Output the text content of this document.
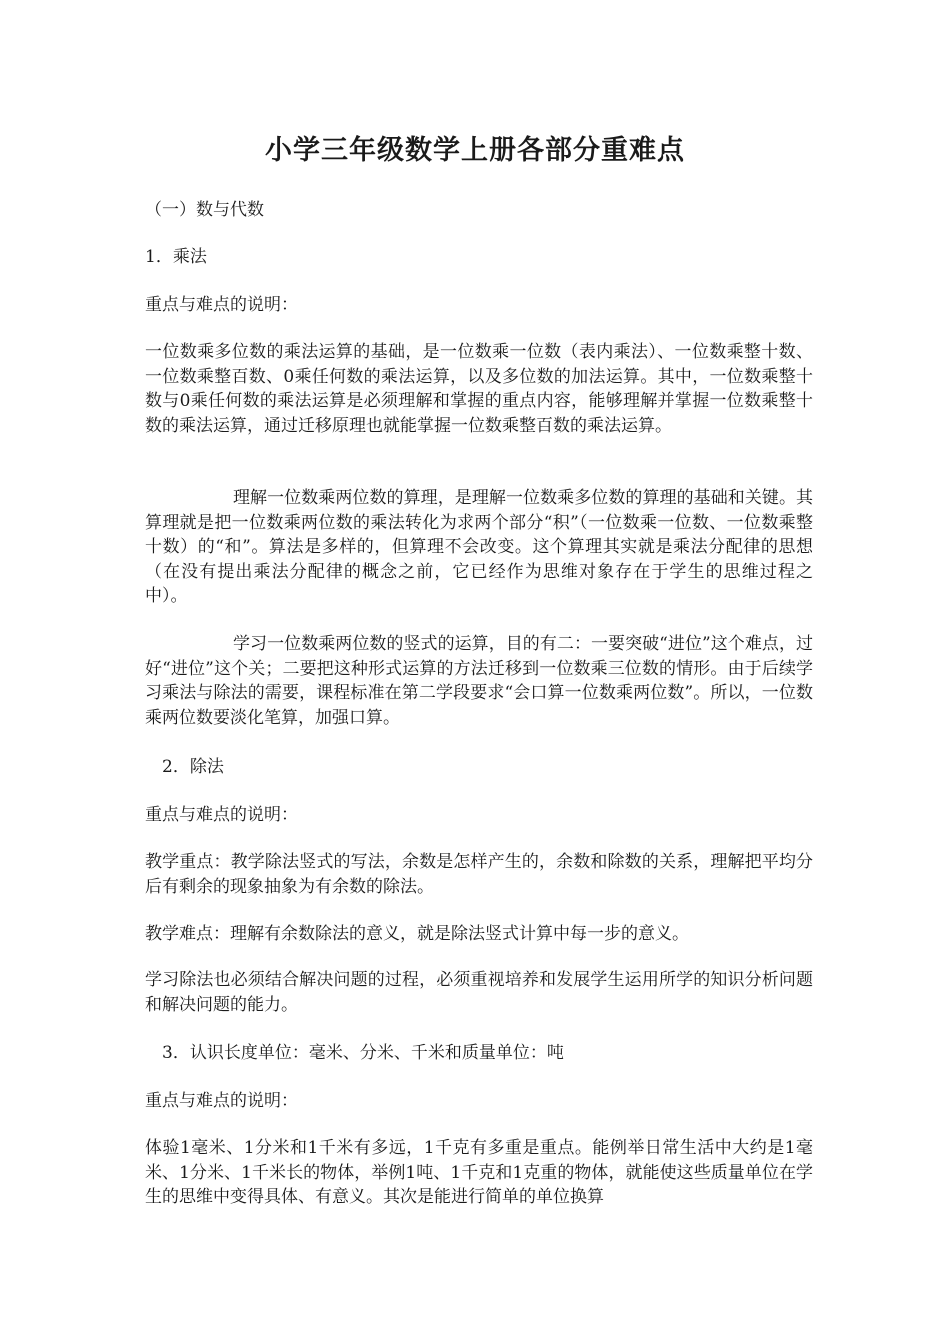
小学三年级数学上册各部分重难点
（一）数与代数
1．乘法
重点与难点的说明：
一位数乘多位数的乘法运算的基础，是一位数乘一位数（表内乘法）、一位数乘整十数、一位数乘整百数、0乘任何数的乘法运算，以及多位数的加法运算。其中，一位数乘整十数与0乘任何数的乘法运算是必须理解和掌握的重点内容，能够理解并掌握一位数乘整十数的乘法运算，通过迁移原理也就能掌握一位数乘整百数的乘法运算。
理解一位数乘两位数的算理，是理解一位数乘多位数的算理的基础和关键。其算理就是把一位数乘两位数的乘法转化为求两个部分“积”（一位数乘一位数、一位数乘整十数）的“和”。算法是多样的，但算理不会改变。这个算理其实就是乘法分配律的思想（在没有提出乘法分配律的概念之前，它已经作为思维对象存在于学生的思维过程之中）。
学习一位数乘两位数的竖式的运算，目的有二：一要突破“进位”这个难点，过好“进位”这个关；二要把这种形式运算的方法迁移到一位数乘三位数的情形。由于后续学习乘法与除法的需要，课程标准在第二学段要求“会口算一位数乘两位数”。所以，一位数乘两位数要淡化笔算，加强口算。
2．除法
重点与难点的说明：
教学重点：教学除法竖式的写法，余数是怎样产生的，余数和除数的关系，理解把平均分后有剩余的现象抽象为有余数的除法。
教学难点：理解有余数除法的意义，就是除法竖式计算中每一步的意义。
学习除法也必须结合解决问题的过程，必须重视培养和发展学生运用所学的知识分析问题和解决问题的能力。
3．认识长度单位：毫米、分米、千米和质量单位：吨
重点与难点的说明：
体验1毫米、1分米和1千米有多远，1千克有多重是重点。能例举日常生活中大约是1毫米、1分米、1千米长的物体，举例1吨、1千克和1克重的物体，就能使这些质量单位在学生的思维中变得具体、有意义。其次是能进行简单的单位换算
